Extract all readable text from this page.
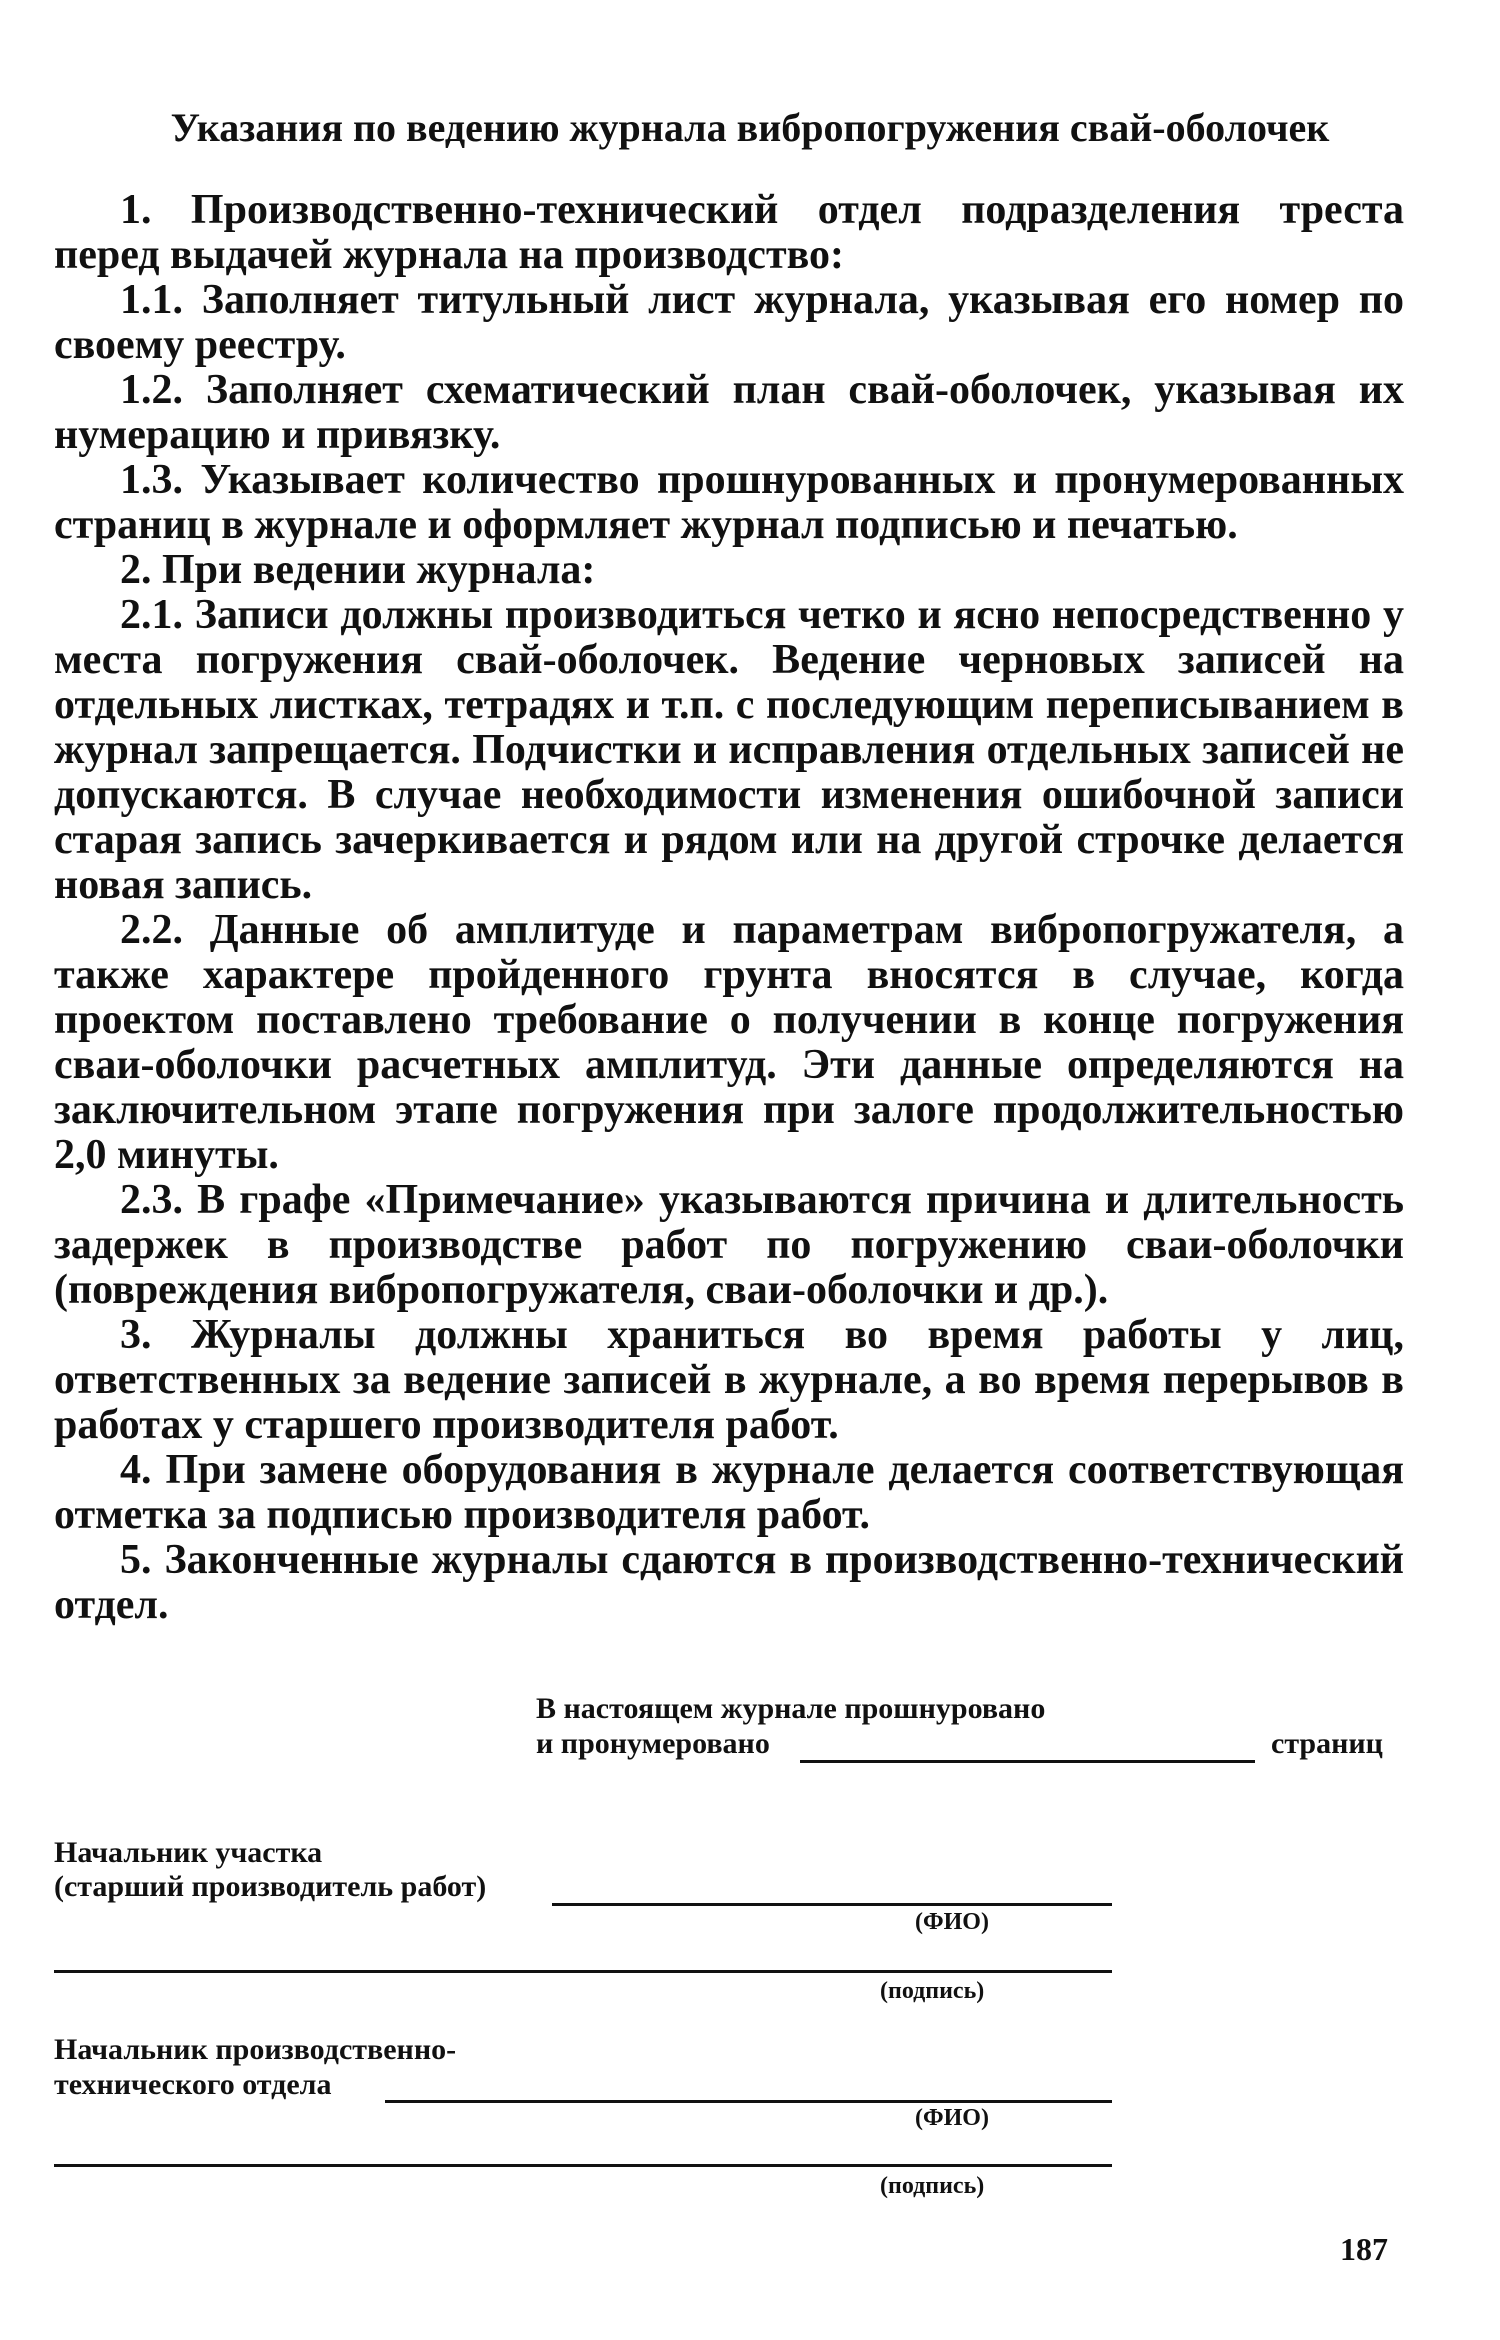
Указания по ведению журнала вибропогружения свай-оболочек

1. Производственно-технический отдел подразделения треста перед выдачей журнала на производство:

1.1. Заполняет титульный лист журнала, указывая его номер по своему реестру.

1.2. Заполняет схематический план свай-оболочек, указывая их нумерацию и привязку.

1.3. Указывает количество прошнурованных и пронумерованных страниц в журнале и оформляет журнал подписью и печатью.

2. При ведении журнала:

2.1. Записи должны производиться четко и ясно непосредственно у места погружения свай-оболочек. Ведение черновых записей на отдельных листках, тетрадях и т.п. с последующим переписыванием в журнал запрещается. Подчистки и исправления отдельных записей не допускаются. В случае необходимости изменения ошибочной записи старая запись зачеркивается и рядом или на другой строчке делается новая запись.

2.2. Данные об амплитуде и параметрам вибропогружателя, а также характере пройденного грунта вносятся в случае, когда проектом поставлено требование о получении в конце погружения сваи-оболочки расчетных амплитуд. Эти данные определяются на заключительном этапе погружения при залоге продолжительностью 2,0 минуты.

2.3. В графе «Примечание» указываются причина и длительность задержек в производстве работ по погружению сваи-оболочки (повреждения вибропогружателя, сваи-оболочки и др.).

3. Журналы должны храниться во время работы у лиц, ответственных за ведение записей в журнале, а во время перерывов в работах у старшего производителя работ.

4. При замене оборудования в журнале делается соответствующая отметка за подписью производителя работ.

5. Законченные журналы сдаются в производственно-технический отдел.

В настоящем журнале прошнуровано
и пронумеровано	страниц
Начальник участка
(старший производитель работ)
(ФИО)
(подпись)
Начальник производственно-
технического отдела
(ФИО)
(подпись)
187
